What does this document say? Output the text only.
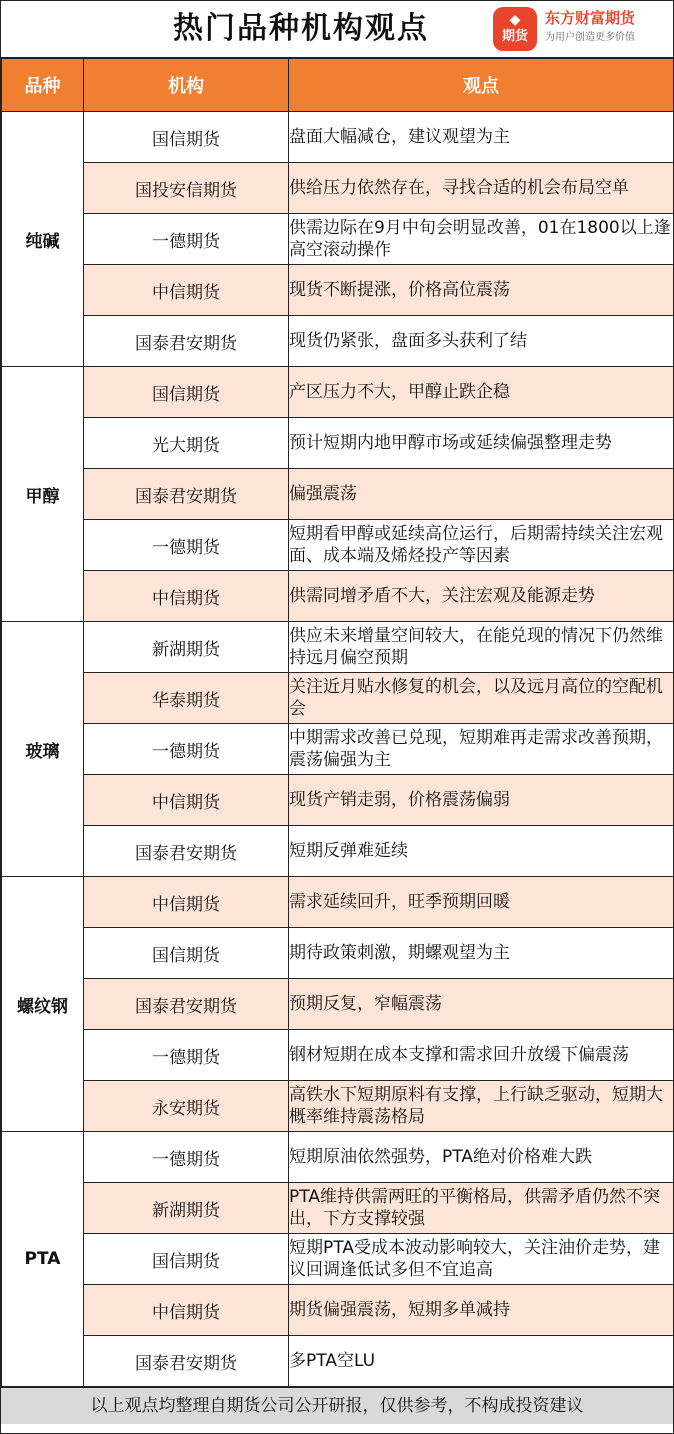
热门品种机构观点	◆
期货
东方财富期货
为用户创造更多价值
品种	机构	观点
纯碱	国信期货	盘面大幅减仓，建议观望为主
	国投安信期货	供给压力依然存在，寻找合适的机会布局空单
	一德期货	供需边际在9月中旬会明显改善，01在1800以上逢高空滚动操作
	中信期货	现货不断提涨，价格高位震荡
	国泰君安期货	现货仍紧张，盘面多头获利了结
甲醇	国信期货	产区压力不大，甲醇止跌企稳
	光大期货	预计短期内地甲醇市场或延续偏强整理走势
	国泰君安期货	偏强震荡
	一德期货	短期看甲醇或延续高位运行，后期需持续关注宏观面、成本端及烯烃投产等因素
	中信期货	供需同增矛盾不大，关注宏观及能源走势
玻璃	新湖期货	供应未来增量空间较大，在能兑现的情况下仍然维持远月偏空预期
	华泰期货	关注近月贴水修复的机会，以及远月高位的空配机会
	一德期货	中期需求改善已兑现，短期难再走需求改善预期，震荡偏强为主
	中信期货	现货产销走弱，价格震荡偏弱
	国泰君安期货	短期反弹难延续
螺纹钢	中信期货	需求延续回升，旺季预期回暖
	国信期货	期待政策刺激，期螺观望为主
	国泰君安期货	预期反复，窄幅震荡
	一德期货	钢材短期在成本支撑和需求回升放缓下偏震荡
	永安期货	高铁水下短期原料有支撑，上行缺乏驱动，短期大概率维持震荡格局
PTA	一德期货	短期原油依然强势，PTA绝对价格难大跌
	新湖期货	PTA维持供需两旺的平衡格局，供需矛盾仍然不突出，下方支撑较强
	国信期货	短期PTA受成本波动影响较大，关注油价走势，建议回调逢低试多但不宜追高
	中信期货	期货偏强震荡，短期多单减持
	国泰君安期货	多PTA空LU
以上观点均整理自期货公司公开研报，仅供参考，不构成投资建议
